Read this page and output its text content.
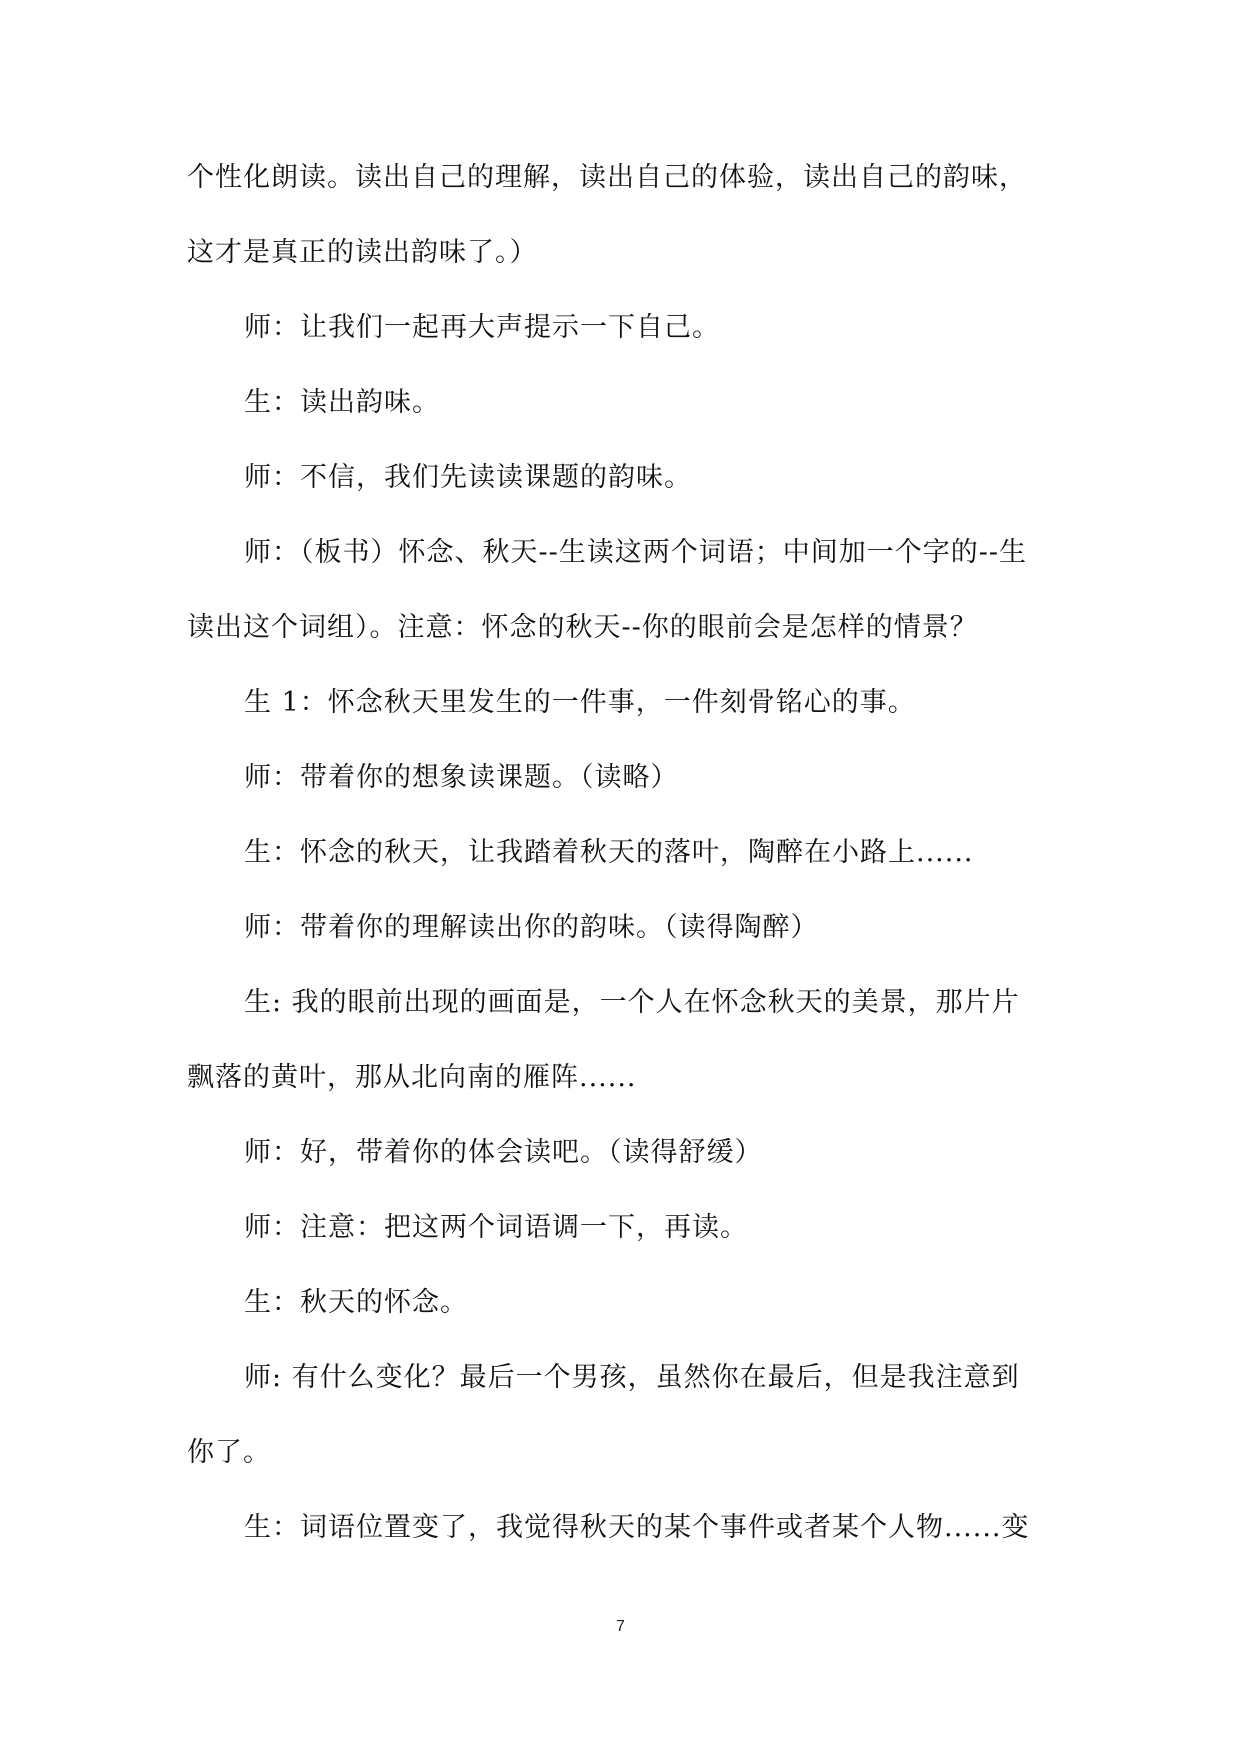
个性化朗读。读出自己的理解，读出自己的体验，读出自己的韵味，

这才是真正的读出韵味了。）

师：让我们一起再大声提示一下自己。

生：读出韵味。

师：不信，我们先读读课题的韵味。

师：（板书）怀念、秋天--生读这两个词语；中间加一个字的--生

读出这个词组）。注意：怀念的秋天--你的眼前会是怎样的情景？

生 1：怀念秋天里发生的一件事，一件刻骨铭心的事。

师：带着你的想象读课题。（读略）

生：怀念的秋天，让我踏着秋天的落叶，陶醉在小路上......

师：带着你的理解读出你的韵味。（读得陶醉）

生: 我的眼前出现的画面是，一个人在怀念秋天的美景，那片片

飘落的黄叶，那从北向南的雁阵......

师：好，带着你的体会读吧。（读得舒缓）

师：注意：把这两个词语调一下，再读。

生：秋天的怀念。

师: 有什么变化？最后一个男孩，虽然你在最后，但是我注意到

你了。

生：词语位置变了，我觉得秋天的某个事件或者某个人物......变

7
